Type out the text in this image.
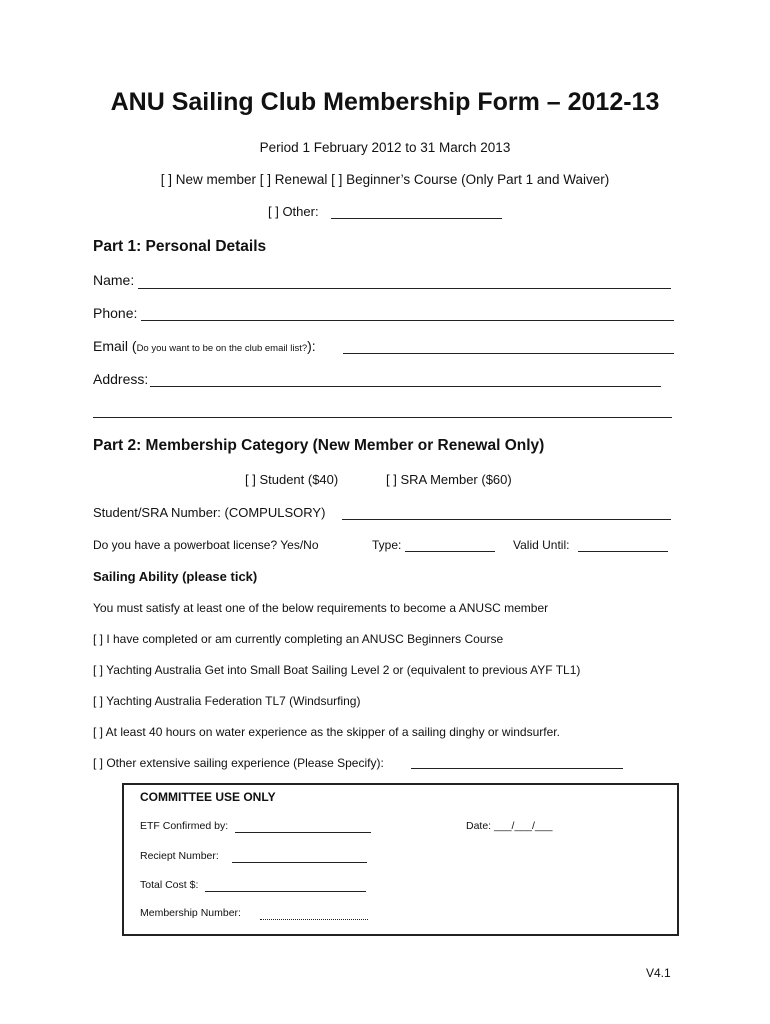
ANU Sailing Club Membership Form – 2012-13
Period 1 February 2012 to 31 March 2013
[ ] New member [ ] Renewal [ ] Beginner’s Course (Only Part 1 and Waiver)
[ ] Other:
Part 1: Personal Details
Name:
Phone:
Email (Do you want to be on the club email list?):
Address:
Part 2: Membership Category (New Member or Renewal Only)
[ ] Student ($40)	[ ] SRA Member ($60)
Student/SRA Number: (COMPULSORY)
Do you have a powerboat license? Yes/No	Type:	Valid Until:
Sailing Ability (please tick)
You must satisfy at least one of the below requirements to become a ANUSC member
[ ] I have completed or am currently completing an ANUSC Beginners Course
[ ] Yachting Australia Get into Small Boat Sailing Level 2 or (equivalent to previous AYF TL1)
[ ] Yachting Australia Federation TL7 (Windsurfing)
[ ] At least 40 hours on water experience as the skipper of a sailing dinghy or windsurfer.
[ ] Other extensive sailing experience (Please Specify):
COMMITTEE USE ONLY
ETF Confirmed by:	Date: ___/___/___
Reciept Number:
Total Cost $:
Membership Number:
V4.1
